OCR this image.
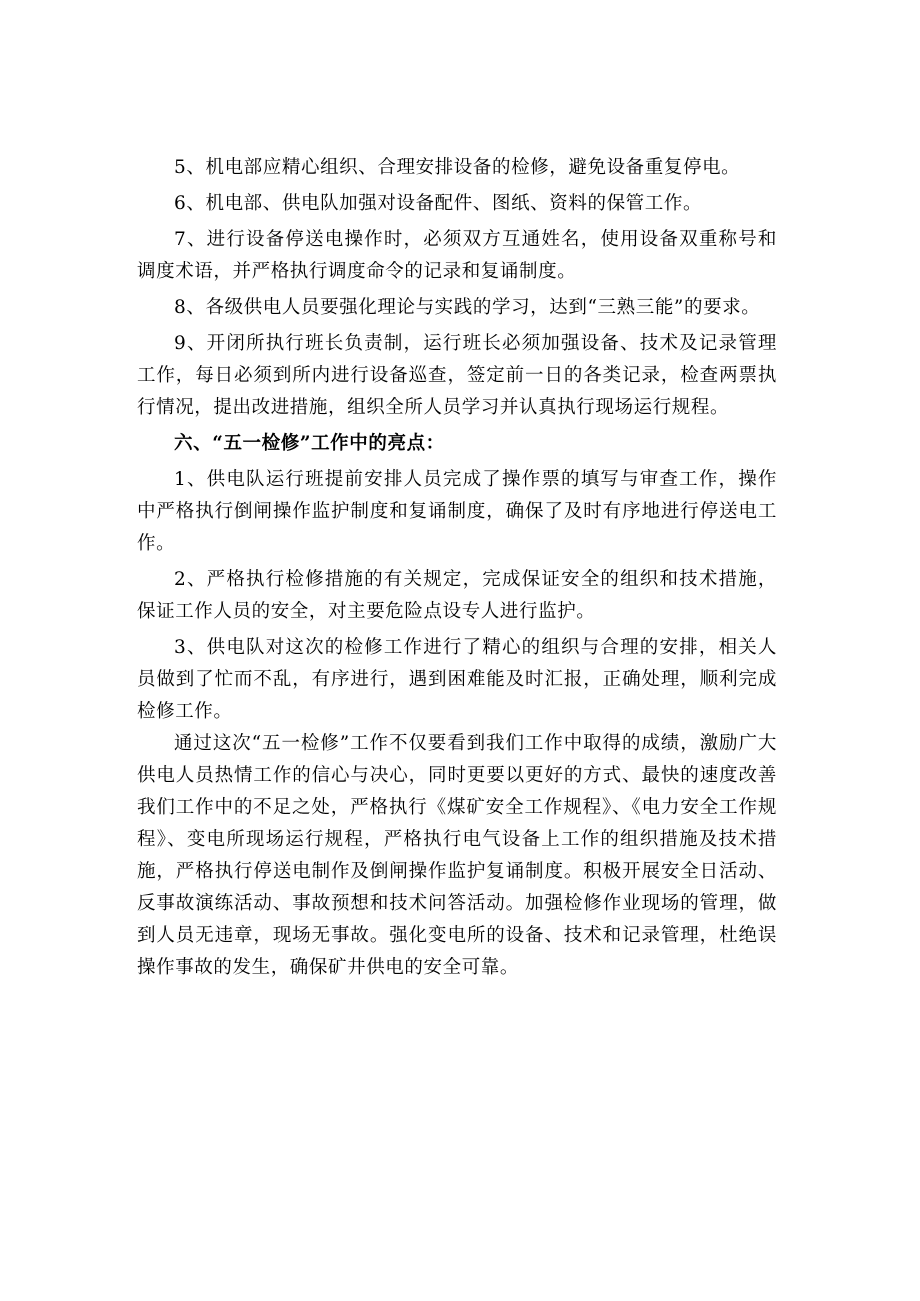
5、机电部应精心组织、合理安排设备的检修，避免设备重复停电。

6、机电部、供电队加强对设备配件、图纸、资料的保管工作。

7、进行设备停送电操作时，必须双方互通姓名，使用设备双重称号和调度术语，并严格执行调度命令的记录和复诵制度。

8、各级供电人员要强化理论与实践的学习，达到“三熟三能”的要求。

9、开闭所执行班长负责制，运行班长必须加强设备、技术及记录管理工作，每日必须到所内进行设备巡查，签定前一日的各类记录，检查两票执行情况，提出改进措施，组织全所人员学习并认真执行现场运行规程。

六、“五一检修”工作中的亮点：

1、供电队运行班提前安排人员完成了操作票的填写与审查工作，操作中严格执行倒闸操作监护制度和复诵制度，确保了及时有序地进行停送电工作。

2、严格执行检修措施的有关规定，完成保证安全的组织和技术措施，保证工作人员的安全，对主要危险点设专人进行监护。

3、供电队对这次的检修工作进行了精心的组织与合理的安排，相关人员做到了忙而不乱，有序进行，遇到困难能及时汇报，正确处理，顺利完成检修工作。

通过这次“五一检修”工作不仅要看到我们工作中取得的成绩，激励广大供电人员热情工作的信心与决心，同时更要以更好的方式、最快的速度改善我们工作中的不足之处，严格执行《煤矿安全工作规程》、《电力安全工作规程》、变电所现场运行规程，严格执行电气设备上工作的组织措施及技术措施，严格执行停送电制作及倒闸操作监护复诵制度。积极开展安全日活动、反事故演练活动、事故预想和技术问答活动。加强检修作业现场的管理，做到人员无违章，现场无事故。强化变电所的设备、技术和记录管理，杜绝误操作事故的发生，确保矿井供电的安全可靠。
